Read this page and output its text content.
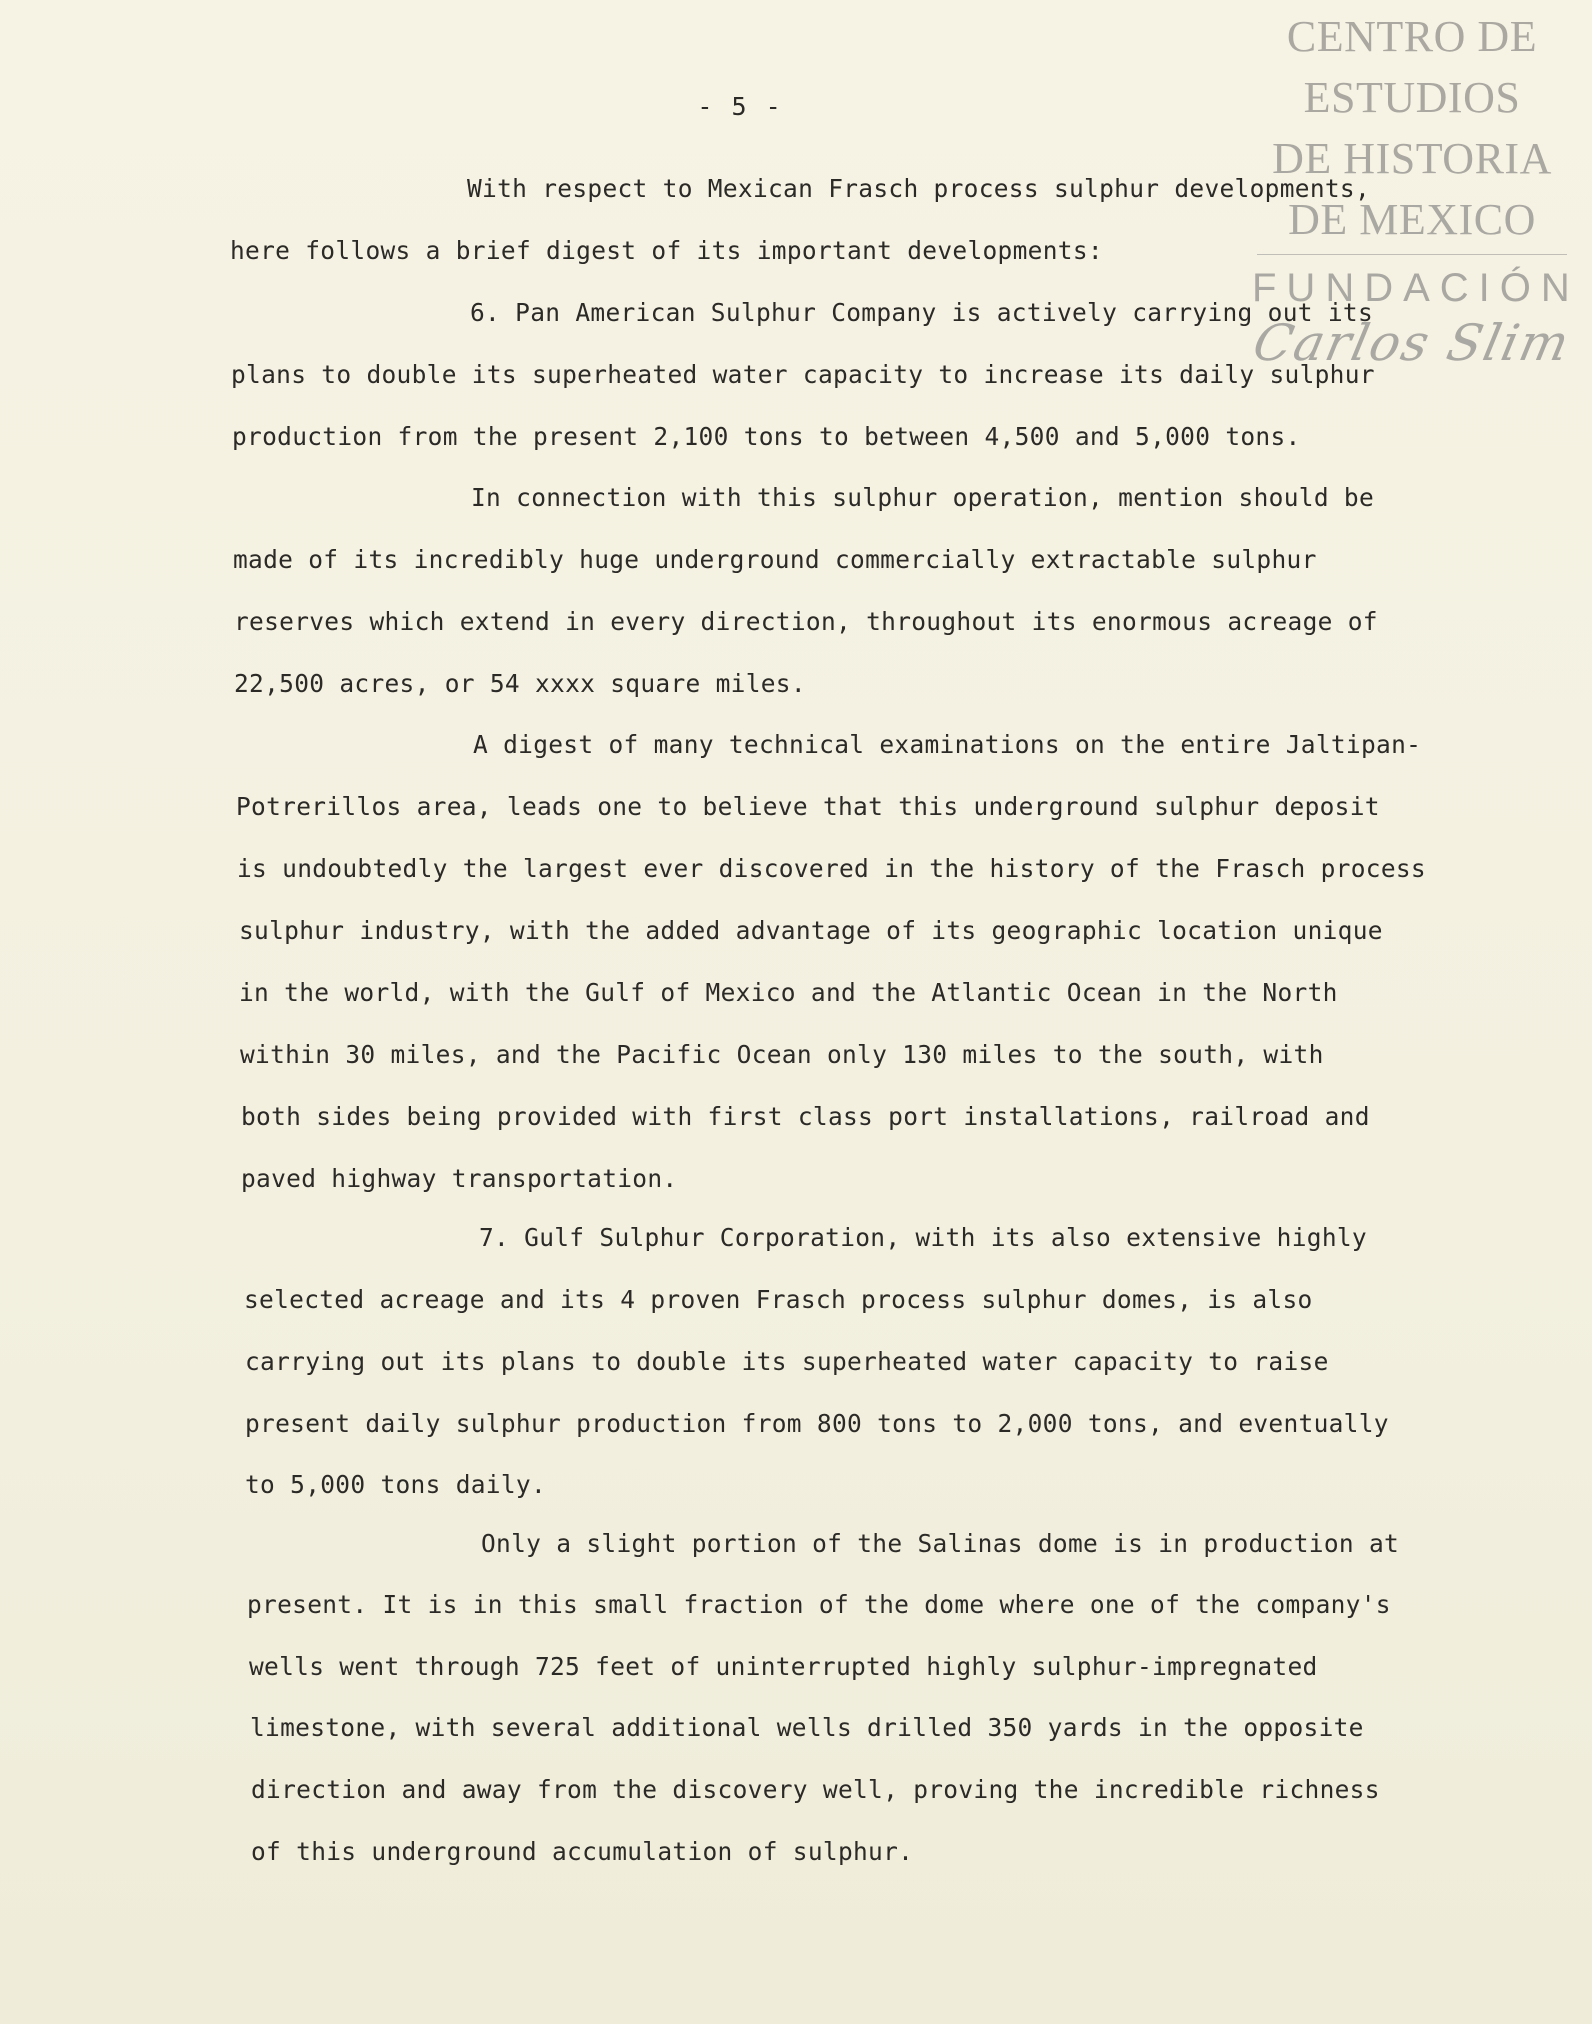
CENTRO DE
ESTUDIOS
DE HISTORIA
DE MEXICO
FUNDACIÓN
Carlos Slim
- 5 -
With respect to Mexican Frasch process sulphur developments,
here follows a brief digest of its important developments:
6. Pan American Sulphur Company is actively carrying out its
plans to double its superheated water capacity to increase its daily sulphur
production from the present 2,100 tons to between 4,500 and 5,000 tons.
In connection with this sulphur operation, mention should be
made of its incredibly huge underground commercially extractable sulphur
reserves which extend in every direction, throughout its enormous acreage of
22,500 acres, or 54 xxxx square miles.
A digest of many technical examinations on the entire Jaltipan-
Potrerillos area, leads one to believe that this underground sulphur deposit
is undoubtedly the largest ever discovered in the history of the Frasch process
sulphur industry, with the added advantage of its geographic location unique
in the world, with the Gulf of Mexico and the Atlantic Ocean in the North
within 30 miles, and the Pacific Ocean only 130 miles to the south, with
both sides being provided with first class port installations, railroad and
paved highway transportation.
7. Gulf Sulphur Corporation, with its also extensive highly
selected acreage and its 4 proven Frasch process sulphur domes, is also
carrying out its plans to double its superheated water capacity to raise
present daily sulphur production from 800 tons to 2,000 tons, and eventually
to 5,000 tons daily.
Only a slight portion of the Salinas dome is in production at
present. It is in this small fraction of the dome where one of the company's
wells went through 725 feet of uninterrupted highly sulphur-impregnated
limestone, with several additional wells drilled 350 yards in the opposite
direction and away from the discovery well, proving the incredible richness
of this underground accumulation of sulphur.
